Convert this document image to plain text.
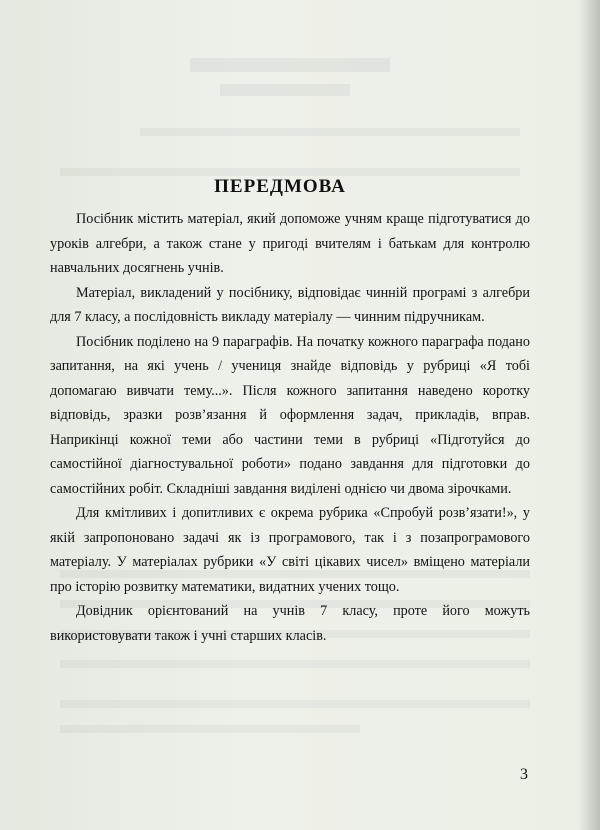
ПЕРЕДМОВА

Посібник містить матеріал, який допоможе учням краще підготуватися до уроків алгебри, а також стане у пригоді вчителям і батькам для контролю навчальних досягнень учнів.

Матеріал, викладений у посібнику, відповідає чинній програмі з алгебри для 7 класу, а послідовність викладу матеріалу — чинним підручникам.

Посібник поділено на 9 параграфів. На початку кожного параграфа подано запитання, на які учень / учениця знайде відповідь у рубриці «Я тобі допомагаю вивчати тему...». Після кожного запитання наведено коротку відповідь, зразки розв’язання й оформлення задач, прикладів, вправ. Наприкінці кожної теми або частини теми в рубриці «Підготуйся до самостійної діагностувальної роботи» подано завдання для підготовки до самостійних робіт. Складніші завдання виділені однією чи двома зірочками.

Для кмітливих і допитливих є окрема рубрика «Спробуй розв’язати!», у якій запропоновано задачі як із програмового, так і з позапрограмового матеріалу. У матеріалах рубрики «У світі цікавих чисел» вміщено матеріали про історію розвитку математики, видатних учених тощо.

Довідник орієнтований на учнів 7 класу, проте його можуть використовувати також і учні старших класів.

3
